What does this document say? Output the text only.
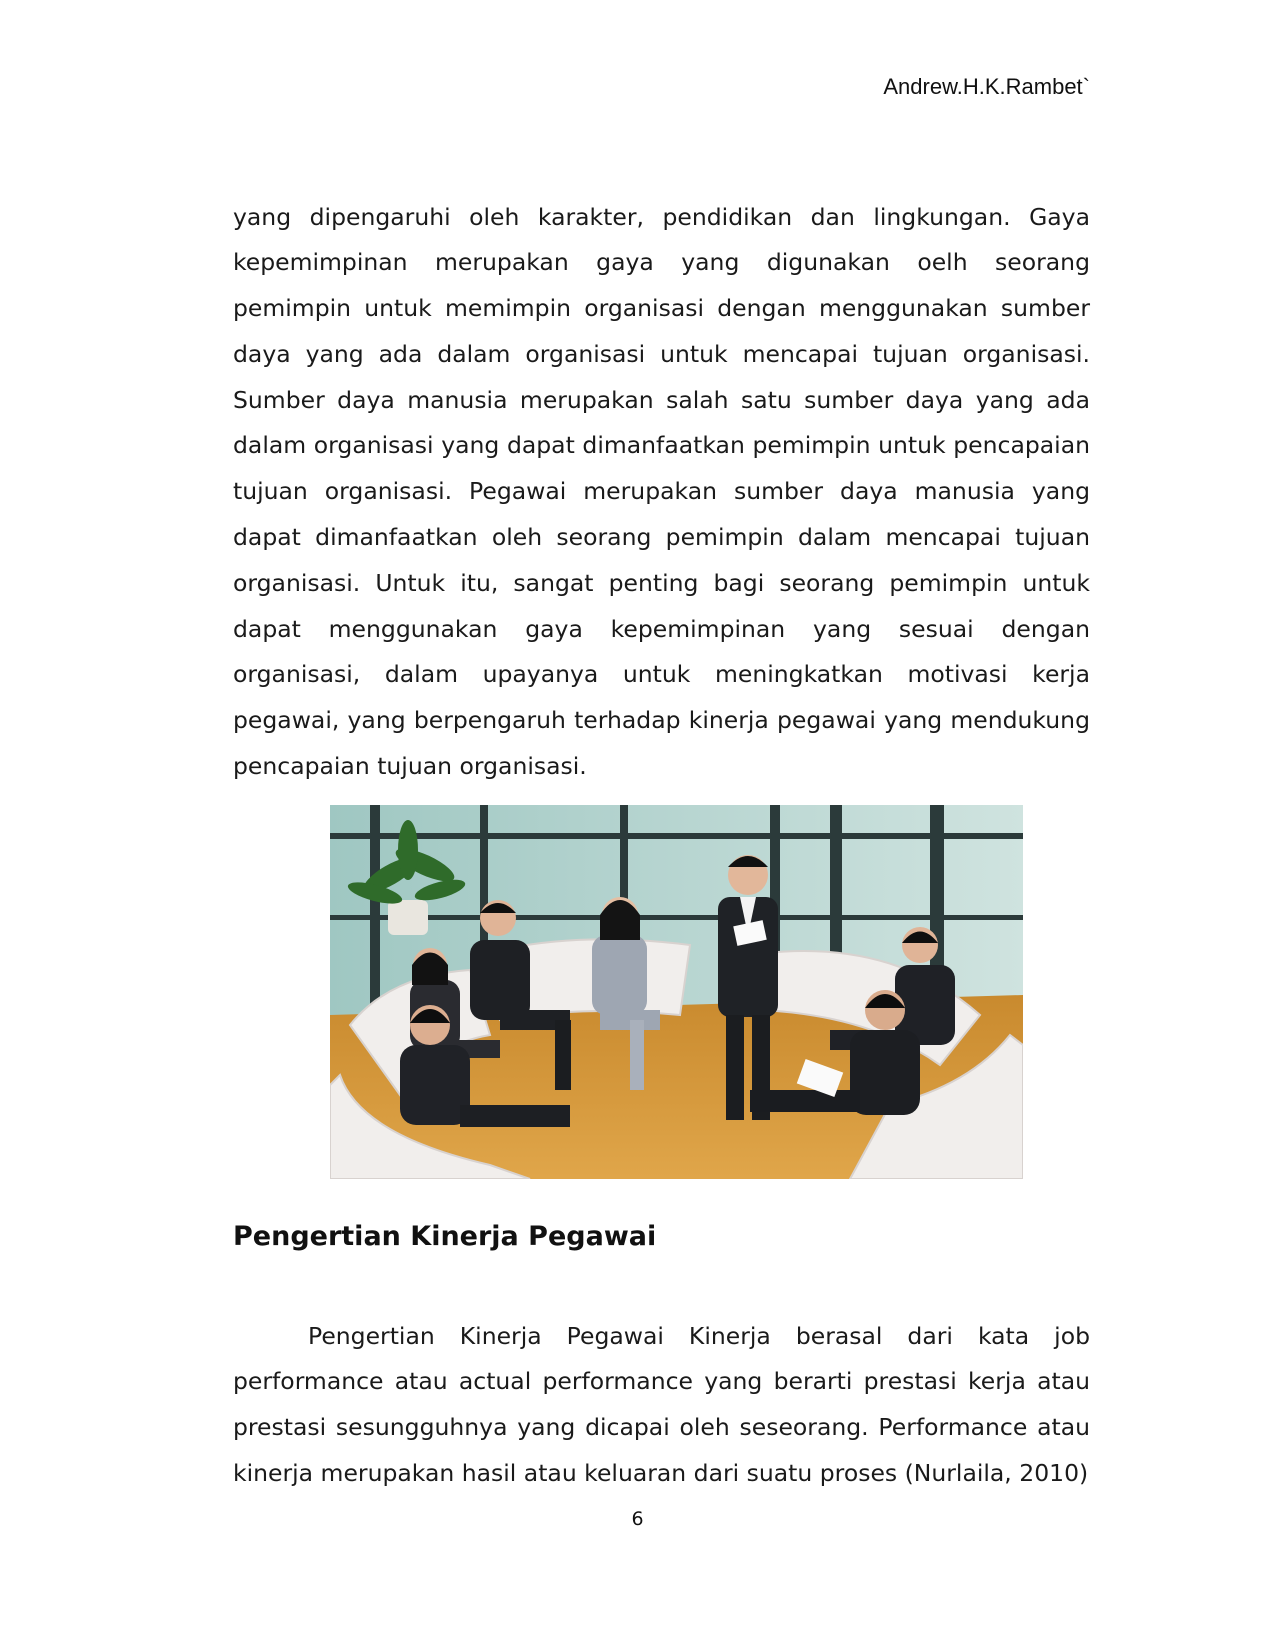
Andrew.H.K.Rambet`

yang dipengaruhi oleh karakter, pendidikan dan lingkungan. Gaya kepemimpinan merupakan gaya yang digunakan oelh seorang pemimpin untuk memimpin organisasi dengan menggunakan sumber daya yang ada dalam organisasi untuk mencapai tujuan organisasi. Sumber daya manusia merupakan salah satu sumber daya yang ada dalam organisasi yang dapat dimanfaatkan pemimpin untuk pencapaian tujuan organisasi. Pegawai merupakan sumber daya manusia yang dapat dimanfaatkan oleh seorang pemimpin dalam mencapai tujuan organisasi. Untuk itu, sangat penting bagi seorang pemimpin untuk dapat menggunakan gaya kepemimpinan yang sesuai dengan organisasi, dalam upayanya untuk meningkatkan motivasi kerja pegawai, yang berpengaruh terhadap kinerja pegawai yang mendukung pencapaian tujuan organisasi.

Pengertian Kinerja Pegawai

Pengertian Kinerja Pegawai Kinerja berasal dari kata job performance atau actual performance yang berarti prestasi kerja atau prestasi sesungguhnya yang dicapai oleh seseorang. Performance atau kinerja merupakan hasil atau keluaran dari suatu proses (Nurlaila, 2010)

6
